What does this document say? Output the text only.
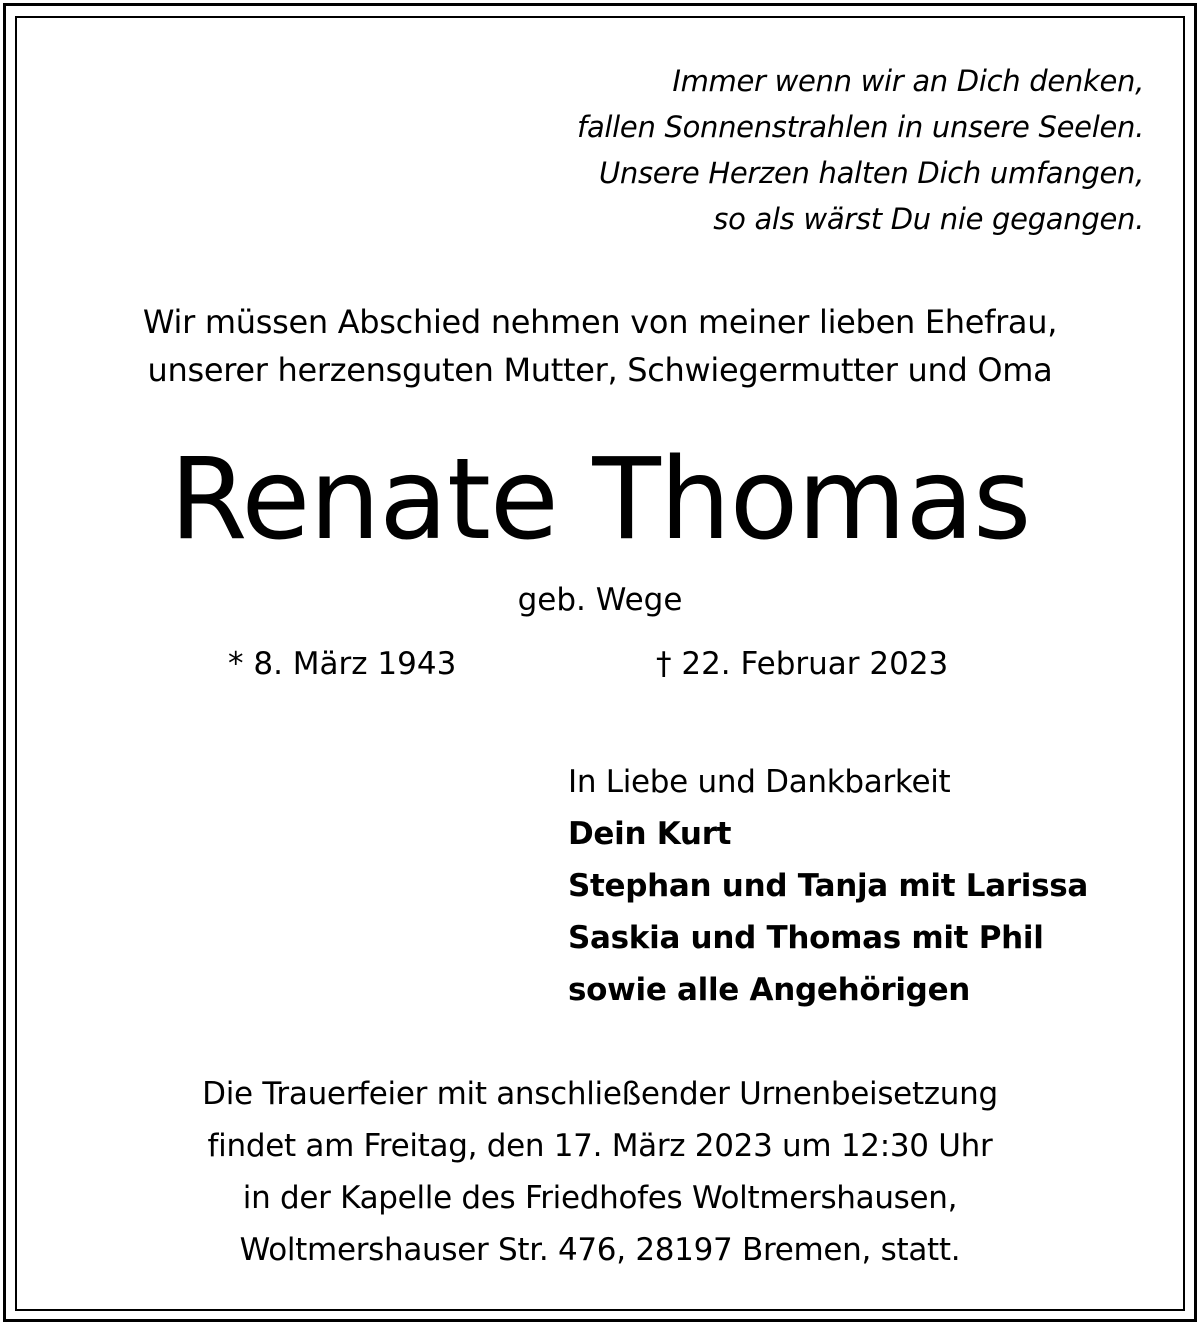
Immer wenn wir an Dich denken,
fallen Sonnenstrahlen in unsere Seelen.
Unsere Herzen halten Dich umfangen,
so als wärst Du nie gegangen.
Wir müssen Abschied nehmen von meiner lieben Ehefrau,
unserer herzensguten Mutter, Schwiegermutter und Oma
Renate Thomas
geb. Wege
* 8. März 1943	† 22. Februar 2023
In Liebe und Dankbarkeit
Dein Kurt
Stephan und Tanja mit Larissa
Saskia und Thomas mit Phil
sowie alle Angehörigen
Die Trauerfeier mit anschließender Urnenbeisetzung
findet am Freitag, den 17. März 2023 um 12:30 Uhr
in der Kapelle des Friedhofes Woltmershausen,
Woltmershauser Str. 476, 28197 Bremen, statt.
